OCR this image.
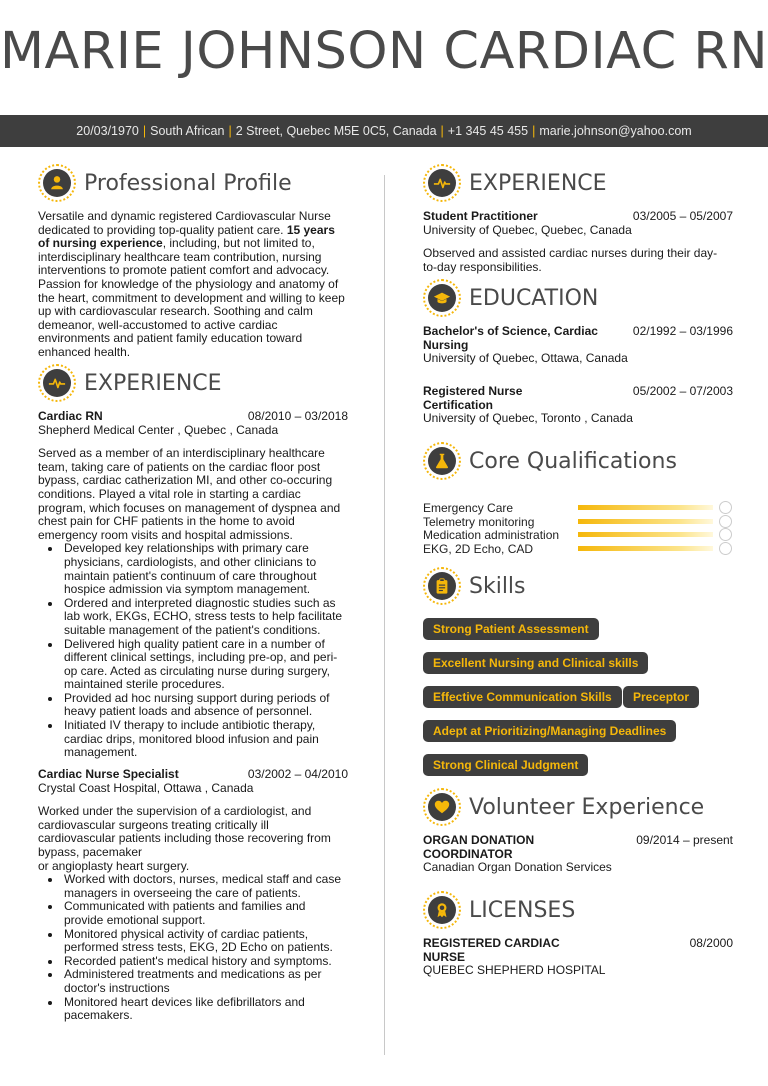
MARIE JOHNSON CARDIAC RN
20/03/1970 | South African | 2 Street, Quebec M5E 0C5, Canada | +1 345 45 455 | marie.johnson@yahoo.com
Professional Profile
Versatile and dynamic registered Cardiovascular Nurse dedicated to providing top-quality patient care. 15 years of nursing experience, including, but not limited to, interdisciplinary healthcare team contribution, nursing interventions to promote patient comfort and advocacy. Passion for knowledge of the physiology and anatomy of the heart, commitment to development and willing to keep up with cardiovascular research. Soothing and calm demeanor, well-accustomed to active cardiac environments and patient family education toward enhanced health.
EXPERIENCE
Cardiac RN	08/2010 – 03/2018
Shepherd Medical Center , Quebec , Canada
Served as a member of an interdisciplinary healthcare team, taking care of patients on the cardiac floor post bypass, cardiac catherization MI, and other co-occuring conditions. Played a vital role in starting a cardiac program, which focuses on management of dyspnea and chest pain for CHF patients in the home to avoid emergency room visits and hospital admissions.
• Developed key relationships with primary care physicians, cardiologists, and other clinicians to maintain patient's continuum of care throughout hospice admission via symptom management.
• Ordered and interpreted diagnostic studies such as lab work, EKGs, ECHO, stress tests to help facilitate suitable management of the patient's conditions.
• Delivered high quality patient care in a number of different clinical settings, including pre-op, and peri-op care. Acted as circulating nurse during surgery, maintained sterile procedures.
• Provided ad hoc nursing support during periods of heavy patient loads and absence of personnel.
• Initiated IV therapy to include antibiotic therapy, cardiac drips, monitored blood infusion and pain management.
Cardiac Nurse Specialist	03/2002 – 04/2010
Crystal Coast Hospital, Ottawa , Canada
Worked under the supervision of a cardiologist, and cardiovascular surgeons treating critically ill cardiovascular patients including those recovering from bypass, pacemaker
or angioplasty heart surgery.
• Worked with doctors, nurses, medical staff and case managers in overseeing the care of patients.
• Communicated with patients and families and provide emotional support.
• Monitored physical activity of cardiac patients, performed stress tests, EKG, 2D Echo on patients.
• Recorded patient's medical history and symptoms.
• Administered treatments and medications as per doctor's instructions
• Monitored heart devices like defibrillators and pacemakers.
EXPERIENCE
Student Practitioner	03/2005 – 05/2007
University of Quebec, Quebec, Canada
Observed and assisted cardiac nurses during their day-to-day responsibilities.
EDUCATION
Bachelor's of Science, Cardiac Nursing
02/1992 – 03/1996
University of Quebec, Ottawa, Canada
Registered Nurse Certification
05/2002 – 07/2003
University of Quebec, Toronto , Canada
Core Qualifications
Emergency Care
Telemetry monitoring
Medication administration
EKG, 2D Echo, CAD
Skills
Strong Patient Assessment
Excellent Nursing and Clinical skills
Effective Communication Skills	Preceptor
Adept at Prioritizing/Managing Deadlines
Strong Clinical Judgment
Volunteer Experience
ORGAN DONATION COORDINATOR
09/2014 – present
Canadian Organ Donation Services
LICENSES
REGISTERED CARDIAC NURSE
08/2000
QUEBEC SHEPHERD HOSPITAL
